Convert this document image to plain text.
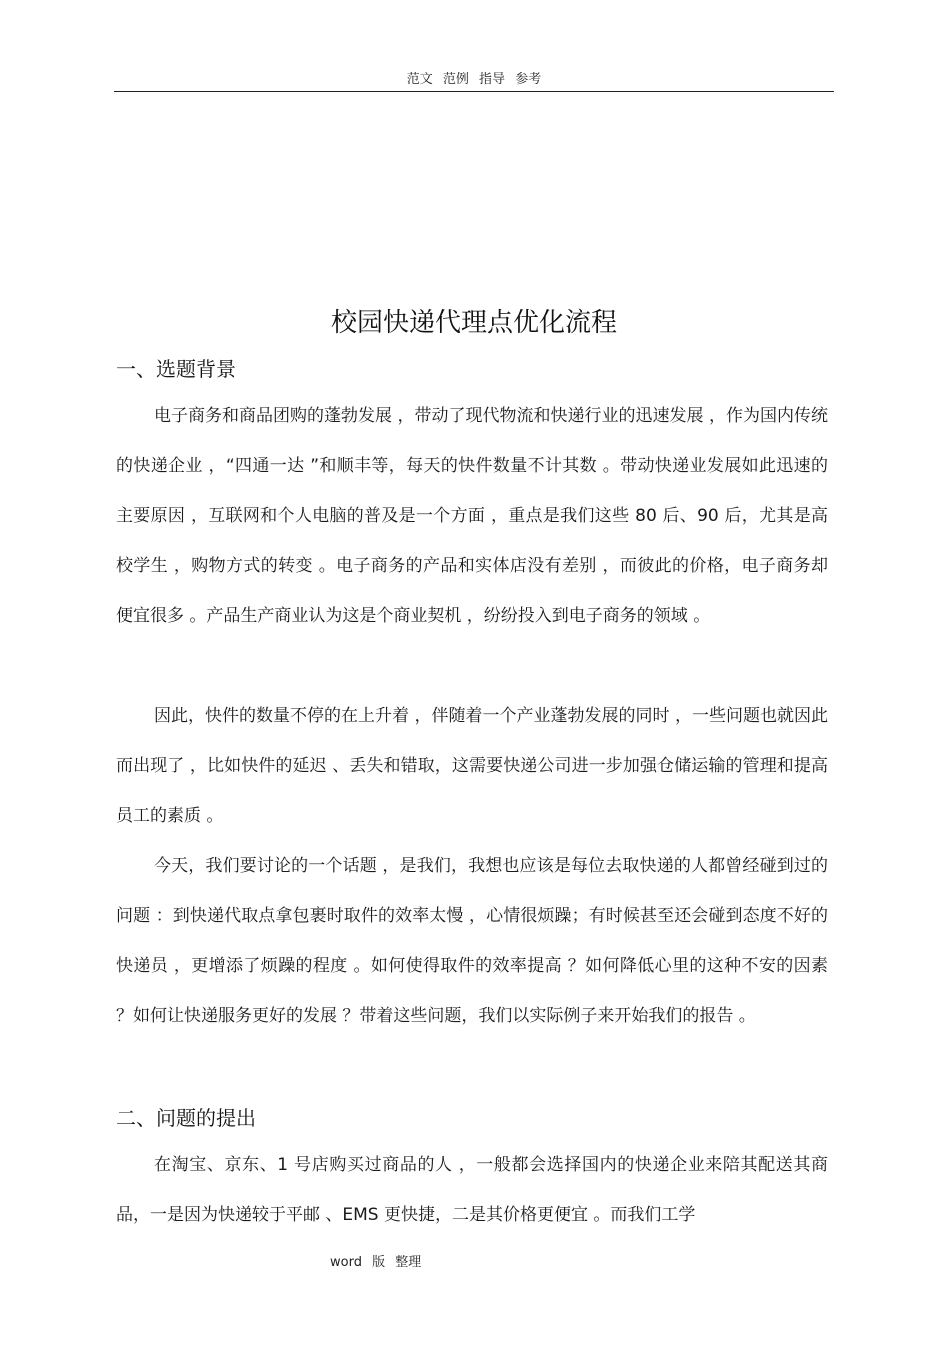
范文 范例 指导 参考
校园快递代理点优化流程
一、选题背景

电子商务和商品团购的蓬勃发展 ，带动了现代物流和快递行业的迅速发展 ，作为国内传统的快递企业 ，“四通一达 ”和顺丰等，每天的快件数量不计其数 。带动快递业发展如此迅速的主要原因 ，互联网和个人电脑的普及是一个方面 ，重点是我们这些 80 后、90 后，尤其是高校学生 ，购物方式的转变 。电子商务的产品和实体店没有差别 ，而彼此的价格，电子商务却便宜很多 。产品生产商业认为这是个商业契机 ，纷纷投入到电子商务的领域 。

因此，快件的数量不停的在上升着 ，伴随着一个产业蓬勃发展的同时 ，一些问题也就因此而出现了 ，比如快件的延迟 、丢失和错取，这需要快递公司进一步加强仓储运输的管理和提高员工的素质 。

今天，我们要讨论的一个话题 ，是我们，我想也应该是每位去取快递的人都曾经碰到过的问题 ：到快递代取点拿包裹时取件的效率太慢 ，心情很烦躁；有时候甚至还会碰到态度不好的快递员 ，更增添了烦躁的程度 。如何使得取件的效率提高 ？如何降低心里的这种不安的因素 ？如何让快递服务更好的发展 ？带着这些问题，我们以实际例子来开始我们的报告 。

二、问题的提出

在淘宝、京东、1 号店购买过商品的人 ，一般都会选择国内的快递企业来陪其配送其商品，一是因为快递较于平邮 、EMS 更快捷，二是其价格更便宜 。而我们工学

word 版 整理
